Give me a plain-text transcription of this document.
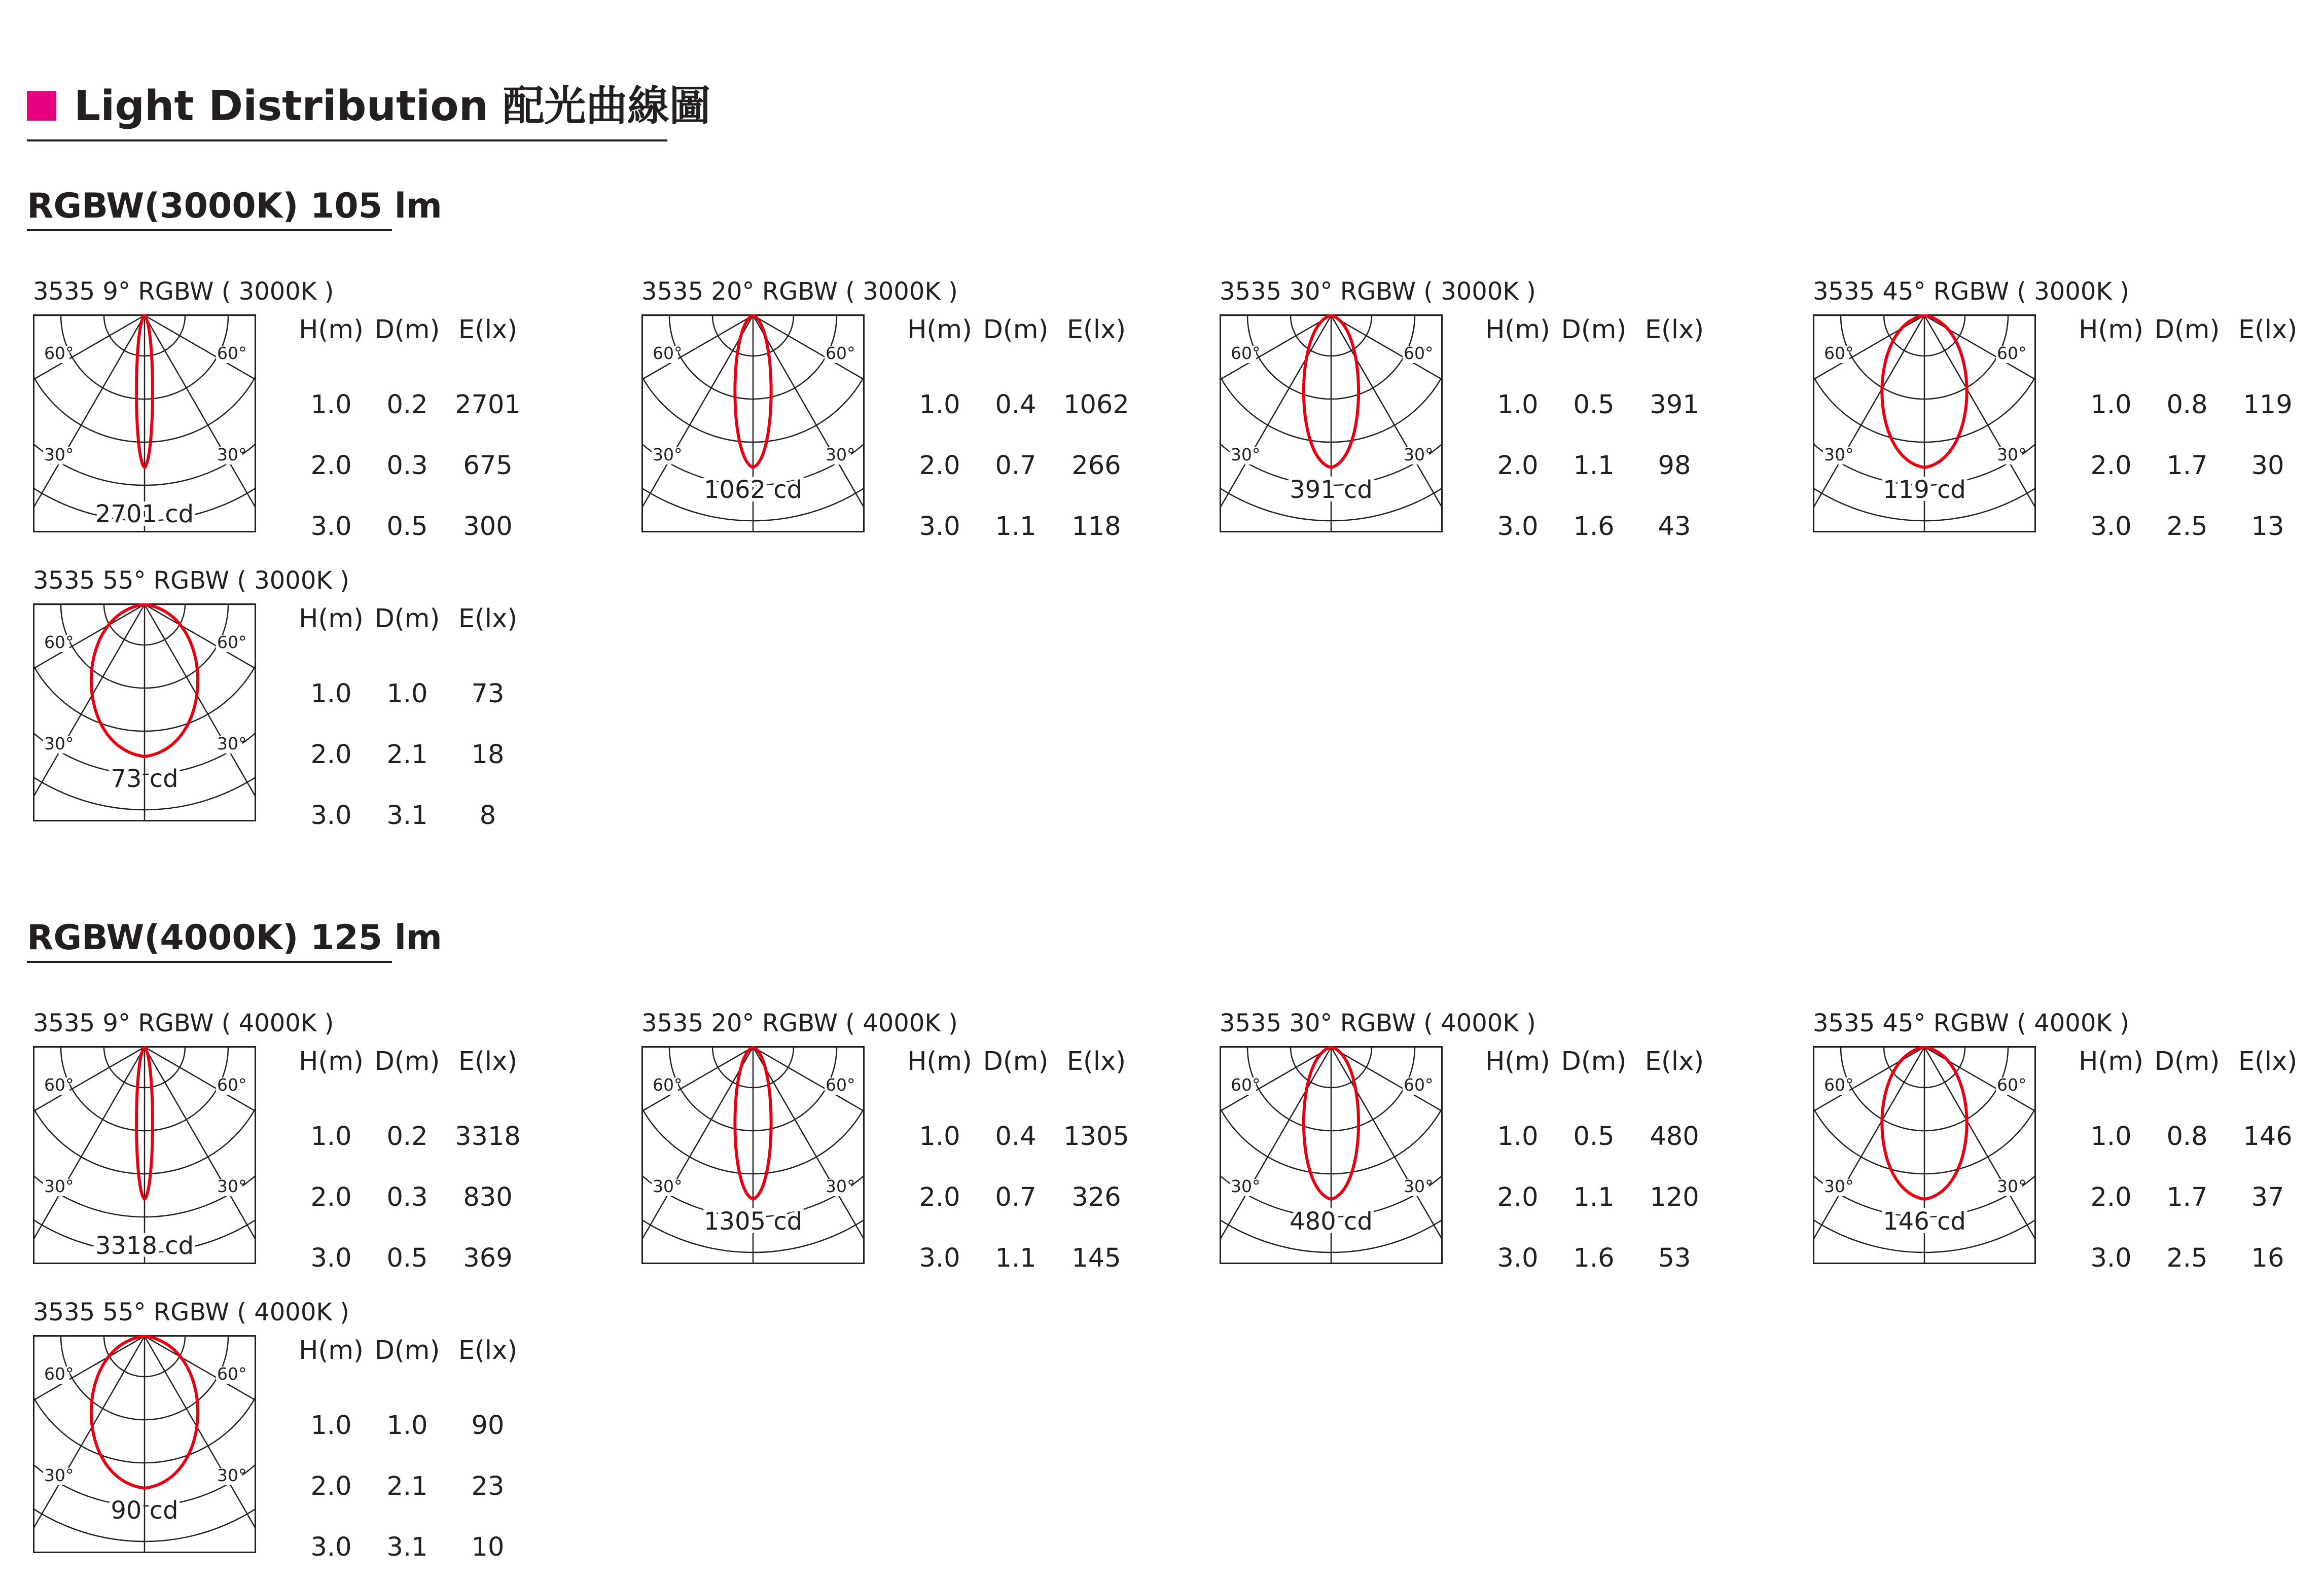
Light Distribution 配光曲線圖
RGBW(3000K) 105 lm
3535 9° RGBW ( 3000K )
60°	60°
30°	30°
2701 cd
H(m) D(m) E(lx)
1.0	0.2	2701
2.0	0.3	675
3.0	0.5	300
3535 20° RGBW ( 3000K )
60°	60°
30°	30°
1062 cd
H(m) D(m) E(lx)
1.0	0.4	1062
2.0	0.7	266
3.0	1.1	118
3535 30° RGBW ( 3000K )
60°	60°
30°	30°
391 cd
H(m) D(m) E(lx)
1.0	0.5	391
2.0	1.1	98
3.0	1.6	43
3535 45° RGBW ( 3000K )
60°	60°
30°	30°
119 cd
H(m) D(m) E(lx)
1.0	0.8	119
2.0	1.7	30
3.0	2.5	13
3535 55° RGBW ( 3000K )
60°	60°
30°	30°
73 cd
H(m) D(m) E(lx)
1.0	1.0	73
2.0	2.1	18
3.0	3.1	8
RGBW(4000K) 125 lm
3535 9° RGBW ( 4000K )
60°	60°
30°	30°
3318 cd
H(m) D(m) E(lx)
1.0	0.2	3318
2.0	0.3	830
3.0	0.5	369
3535 20° RGBW ( 4000K )
60°	60°
30°	30°
1305 cd
H(m) D(m) E(lx)
1.0	0.4	1305
2.0	0.7	326
3.0	1.1	145
3535 30° RGBW ( 4000K )
60°	60°
30°	30°
480 cd
H(m) D(m) E(lx)
1.0	0.5	480
2.0	1.1	120
3.0	1.6	53
3535 45° RGBW ( 4000K )
60°	60°
30°	30°
146 cd
H(m) D(m) E(lx)
1.0	0.8	146
2.0	1.7	37
3.0	2.5	16
3535 55° RGBW ( 4000K )
60°	60°
30°	30°
90 cd
H(m) D(m) E(lx)
1.0	1.0	90
2.0	2.1	23
3.0	3.1	10
